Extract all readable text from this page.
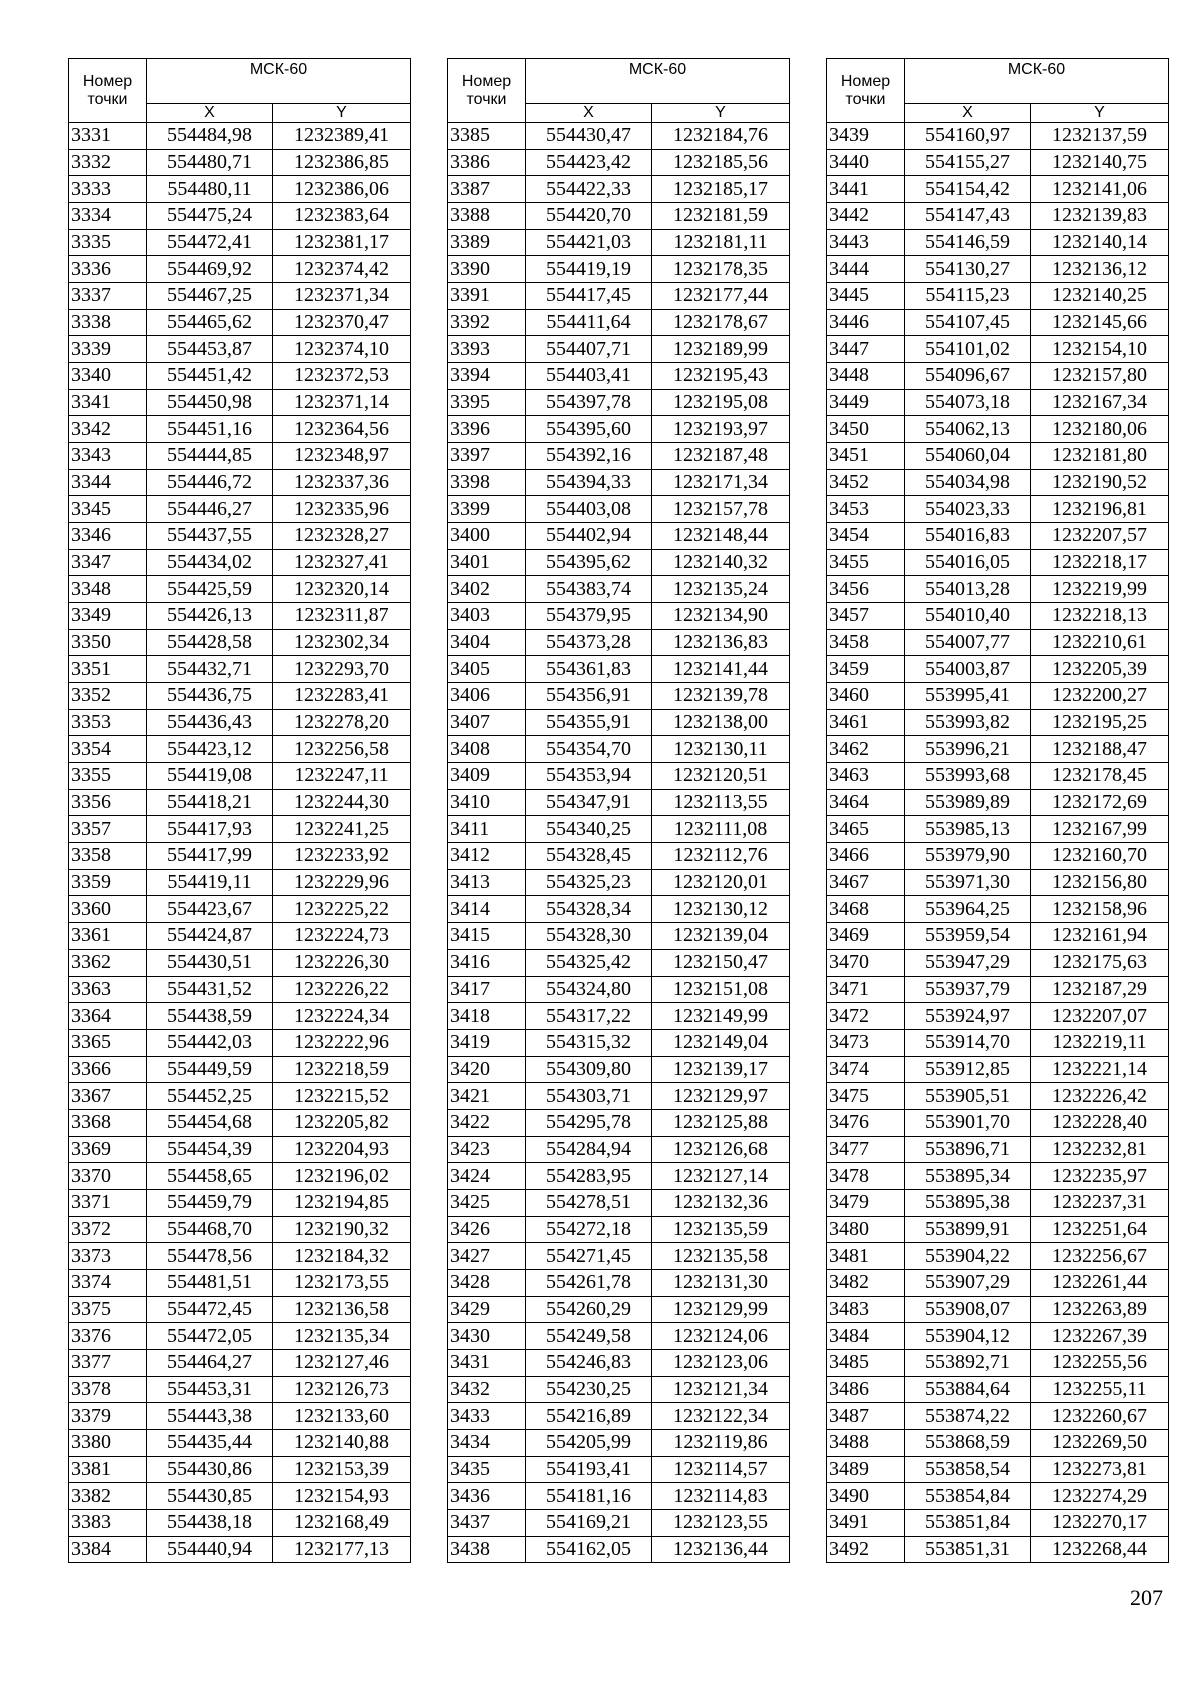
Номер точки	МСК-60	
	X	Y
3331	554484,98	1232389,41
3332	554480,71	1232386,85
3333	554480,11	1232386,06
3334	554475,24	1232383,64
3335	554472,41	1232381,17
3336	554469,92	1232374,42
3337	554467,25	1232371,34
3338	554465,62	1232370,47
3339	554453,87	1232374,10
3340	554451,42	1232372,53
3341	554450,98	1232371,14
3342	554451,16	1232364,56
3343	554444,85	1232348,97
3344	554446,72	1232337,36
3345	554446,27	1232335,96
3346	554437,55	1232328,27
3347	554434,02	1232327,41
3348	554425,59	1232320,14
3349	554426,13	1232311,87
3350	554428,58	1232302,34
3351	554432,71	1232293,70
3352	554436,75	1232283,41
3353	554436,43	1232278,20
3354	554423,12	1232256,58
3355	554419,08	1232247,11
3356	554418,21	1232244,30
3357	554417,93	1232241,25
3358	554417,99	1232233,92
3359	554419,11	1232229,96
3360	554423,67	1232225,22
3361	554424,87	1232224,73
3362	554430,51	1232226,30
3363	554431,52	1232226,22
3364	554438,59	1232224,34
3365	554442,03	1232222,96
3366	554449,59	1232218,59
3367	554452,25	1232215,52
3368	554454,68	1232205,82
3369	554454,39	1232204,93
3370	554458,65	1232196,02
3371	554459,79	1232194,85
3372	554468,70	1232190,32
3373	554478,56	1232184,32
3374	554481,51	1232173,55
3375	554472,45	1232136,58
3376	554472,05	1232135,34
3377	554464,27	1232127,46
3378	554453,31	1232126,73
3379	554443,38	1232133,60
3380	554435,44	1232140,88
3381	554430,86	1232153,39
3382	554430,85	1232154,93
3383	554438,18	1232168,49
3384	554440,94	1232177,13
Номер точки	МСК-60	
	X	Y
3385	554430,47	1232184,76
3386	554423,42	1232185,56
3387	554422,33	1232185,17
3388	554420,70	1232181,59
3389	554421,03	1232181,11
3390	554419,19	1232178,35
3391	554417,45	1232177,44
3392	554411,64	1232178,67
3393	554407,71	1232189,99
3394	554403,41	1232195,43
3395	554397,78	1232195,08
3396	554395,60	1232193,97
3397	554392,16	1232187,48
3398	554394,33	1232171,34
3399	554403,08	1232157,78
3400	554402,94	1232148,44
3401	554395,62	1232140,32
3402	554383,74	1232135,24
3403	554379,95	1232134,90
3404	554373,28	1232136,83
3405	554361,83	1232141,44
3406	554356,91	1232139,78
3407	554355,91	1232138,00
3408	554354,70	1232130,11
3409	554353,94	1232120,51
3410	554347,91	1232113,55
3411	554340,25	1232111,08
3412	554328,45	1232112,76
3413	554325,23	1232120,01
3414	554328,34	1232130,12
3415	554328,30	1232139,04
3416	554325,42	1232150,47
3417	554324,80	1232151,08
3418	554317,22	1232149,99
3419	554315,32	1232149,04
3420	554309,80	1232139,17
3421	554303,71	1232129,97
3422	554295,78	1232125,88
3423	554284,94	1232126,68
3424	554283,95	1232127,14
3425	554278,51	1232132,36
3426	554272,18	1232135,59
3427	554271,45	1232135,58
3428	554261,78	1232131,30
3429	554260,29	1232129,99
3430	554249,58	1232124,06
3431	554246,83	1232123,06
3432	554230,25	1232121,34
3433	554216,89	1232122,34
3434	554205,99	1232119,86
3435	554193,41	1232114,57
3436	554181,16	1232114,83
3437	554169,21	1232123,55
3438	554162,05	1232136,44
Номер точки	МСК-60	
	X	Y
3439	554160,97	1232137,59
3440	554155,27	1232140,75
3441	554154,42	1232141,06
3442	554147,43	1232139,83
3443	554146,59	1232140,14
3444	554130,27	1232136,12
3445	554115,23	1232140,25
3446	554107,45	1232145,66
3447	554101,02	1232154,10
3448	554096,67	1232157,80
3449	554073,18	1232167,34
3450	554062,13	1232180,06
3451	554060,04	1232181,80
3452	554034,98	1232190,52
3453	554023,33	1232196,81
3454	554016,83	1232207,57
3455	554016,05	1232218,17
3456	554013,28	1232219,99
3457	554010,40	1232218,13
3458	554007,77	1232210,61
3459	554003,87	1232205,39
3460	553995,41	1232200,27
3461	553993,82	1232195,25
3462	553996,21	1232188,47
3463	553993,68	1232178,45
3464	553989,89	1232172,69
3465	553985,13	1232167,99
3466	553979,90	1232160,70
3467	553971,30	1232156,80
3468	553964,25	1232158,96
3469	553959,54	1232161,94
3470	553947,29	1232175,63
3471	553937,79	1232187,29
3472	553924,97	1232207,07
3473	553914,70	1232219,11
3474	553912,85	1232221,14
3475	553905,51	1232226,42
3476	553901,70	1232228,40
3477	553896,71	1232232,81
3478	553895,34	1232235,97
3479	553895,38	1232237,31
3480	553899,91	1232251,64
3481	553904,22	1232256,67
3482	553907,29	1232261,44
3483	553908,07	1232263,89
3484	553904,12	1232267,39
3485	553892,71	1232255,56
3486	553884,64	1232255,11
3487	553874,22	1232260,67
3488	553868,59	1232269,50
3489	553858,54	1232273,81
3490	553854,84	1232274,29
3491	553851,84	1232270,17
3492	553851,31	1232268,44
207
